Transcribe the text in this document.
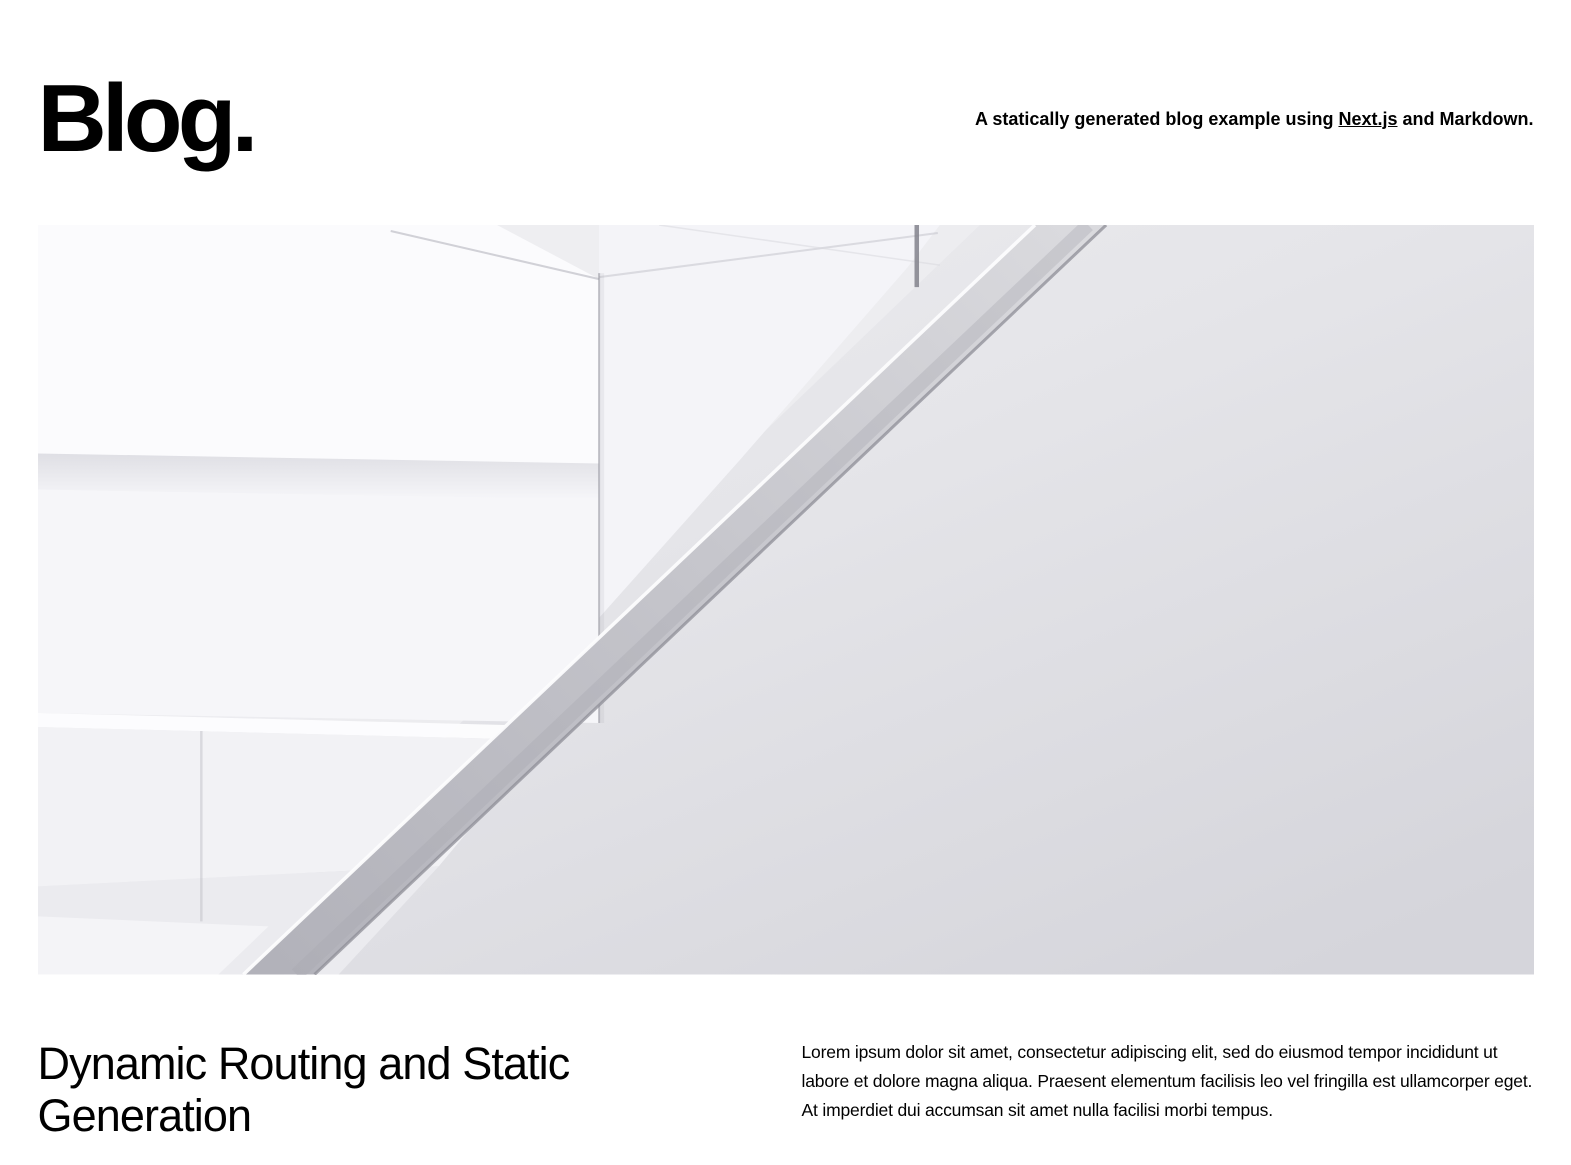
Blog.	A statically generated blog example using Next.js and Markdown.
Dynamic Routing and Static Generation

Lorem ipsum dolor sit amet, consectetur adipiscing elit, sed do eiusmod tempor incididunt ut labore et dolore magna aliqua. Praesent elementum facilisis leo vel fringilla est ullamcorper eget. At imperdiet dui accumsan sit amet nulla facilisi morbi tempus.
